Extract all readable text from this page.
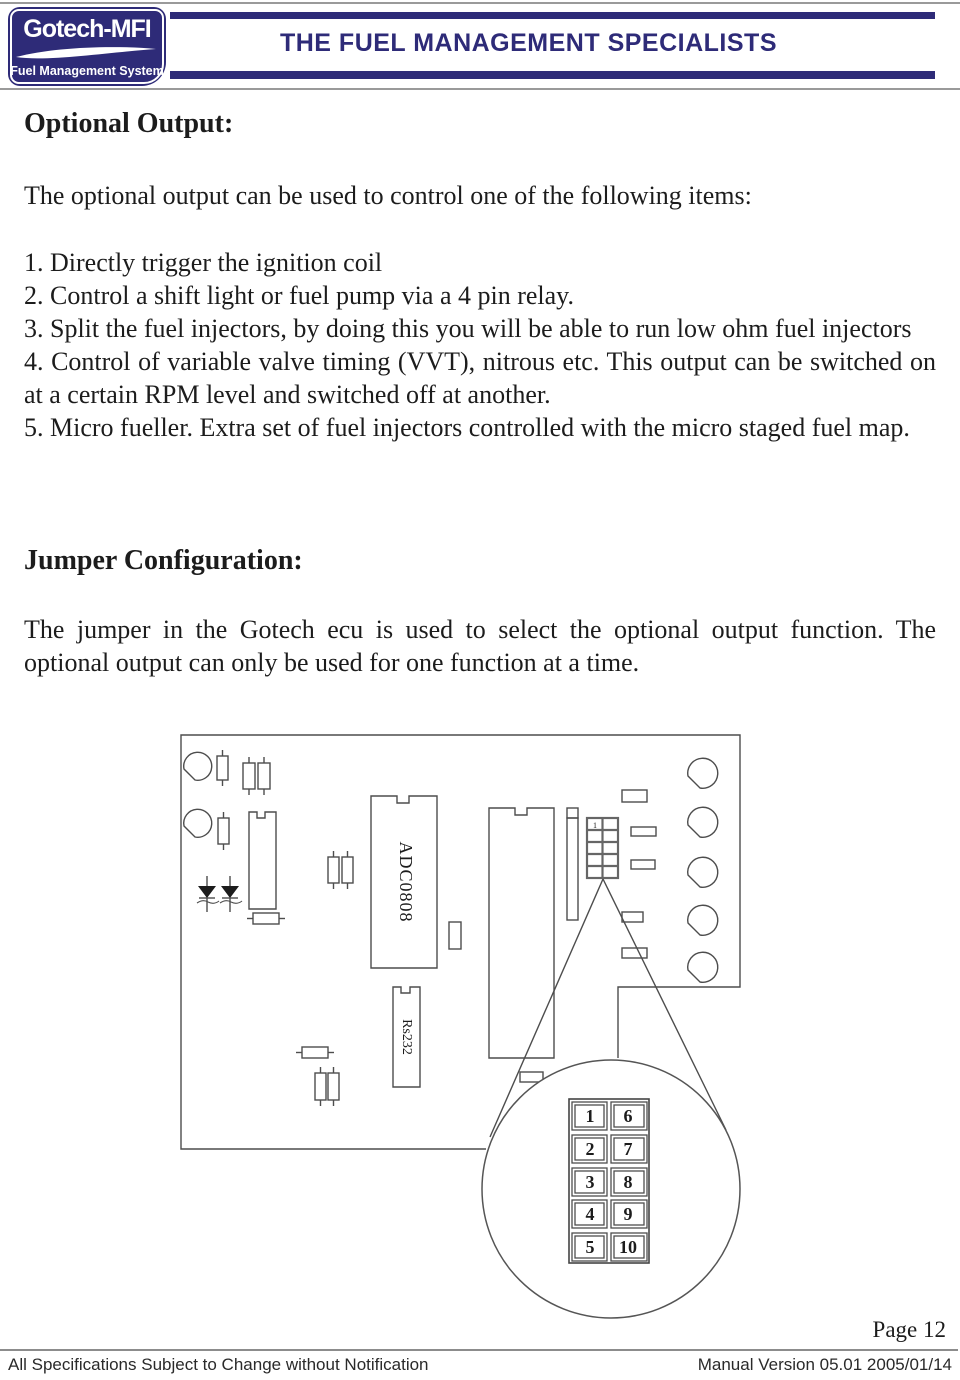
THE FUEL MANAGEMENT SPECIALISTS
Gotech-MFI
Fuel Management System
Optional Output:

The optional output can be used to control one of the following items:

1. Directly trigger the ignition coil

2. Control a shift light or fuel pump via a 4 pin relay.

3. Split the fuel injectors, by doing this you will be able to run low ohm fuel injectors

4. Control of variable valve timing (VVT), nitrous etc. This output can be switched on at a certain RPM level and switched off at another.

5. Micro fueller. Extra set of fuel injectors controlled with the micro staged fuel map.

Jumper Configuration:

The jumper in the Gotech ecu is used to select the optional output function. The optional output can only be used for one function at a time.

ADC0808
Rs232
1
1 6
2 7
3 8
4 9
5 10
Page 12
All Specifications Subject to Change without Notification	Manual Version 05.01 2005/01/14
